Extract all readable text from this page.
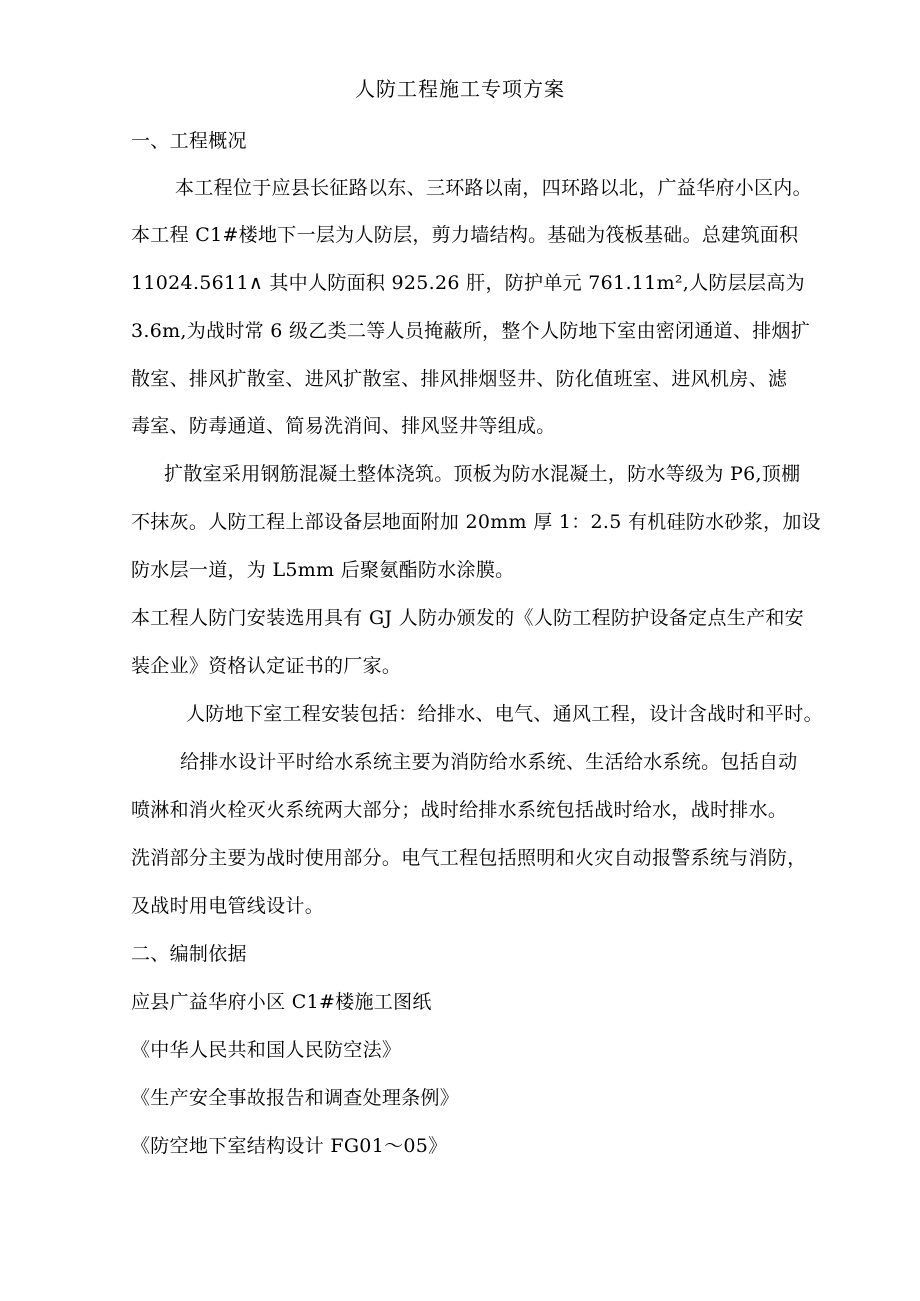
人防工程施工专项方案
一、工程概况
本工程位于应县长征路以东、三环路以南，四环路以北，广益华府小区内。
本工程 C1#楼地下一层为人防层，剪力墙结构。基础为筏板基础。总建筑面积
11024.5611∧ 其中人防面积 925.26 肝，防护单元 761.11m²,人防层层高为
3.6m,为战时常 6 级乙类二等人员掩蔽所，整个人防地下室由密闭通道、排烟扩
散室、排风扩散室、进风扩散室、排风排烟竖井、防化值班室、进风机房、滤
毒室、防毒通道、简易洗消间、排风竖井等组成。
扩散室采用钢筋混凝土整体浇筑。顶板为防水混凝土，防水等级为 P6,顶棚
不抹灰。人防工程上部设备层地面附加 20mm 厚 1：2.5 有机硅防水砂浆，加设
防水层一道，为 L5mm 后聚氨酯防水涂膜。
本工程人防门安装选用具有 GJ 人防办颁发的《人防工程防护设备定点生产和安
装企业》资格认定证书的厂家。
人防地下室工程安装包括：给排水、电气、通风工程，设计含战时和平时。
给排水设计平时给水系统主要为消防给水系统、生活给水系统。包括自动
喷淋和消火栓灭火系统两大部分；战时给排水系统包括战时给水，战时排水。
洗消部分主要为战时使用部分。电气工程包括照明和火灾自动报警系统与消防，
及战时用电管线设计。
二、编制依据
应县广益华府小区 C1#楼施工图纸
《中华人民共和国人民防空法》
《生产安全事故报告和调查处理条例》
《防空地下室结构设计 FG01～05》
